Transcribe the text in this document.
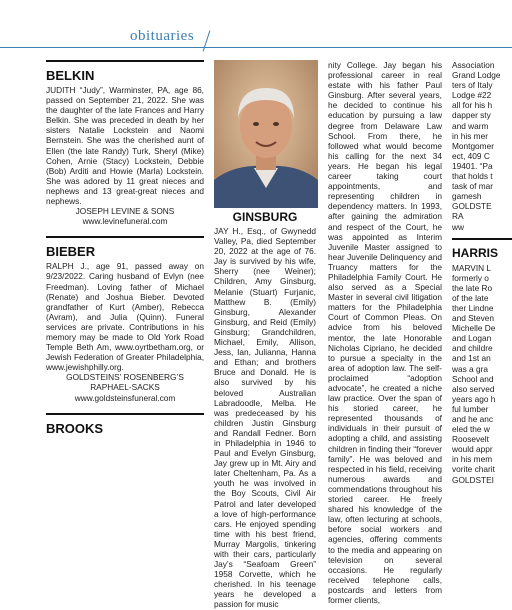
obituaries
BELKIN

JUDITH “Judy”, Warminster, PA, age 86, passed on September 21, 2022. She was the daughter of the late Frances and Harry Belkin. She was preceded in death by her sisters Natalie Lockstein and Naomi Bernstein. She was the cherished aunt of Ellen (the late Randy) Turk, Sheryl (Mike) Cohen, Arnie (Stacy) Lockstein, Debbie (Bob) Arditi and Howie (Marla) Lockstein. She was adored by 11 great nieces and nephews and 13 great-great nieces and nephews.

JOSEPH LEVINE & SONS

www.levinefuneral.com

BIEBER

RALPH J., age 91, passed away on 9/23/2022. Caring husband of Evlyn (nee Freedman). Loving father of Michael (Renate) and Joshua Bieber. Devoted grandfather of Kurt (Amber), Rebecca (Avram), and Julia (Quinn). Funeral services are private. Contributions in his memory may be made to Old York Road Temple Beth Am, www.oyrtbetham.org, or Jewish Federation of Greater Philadelphia, www.jewishphilly.org.

GOLDSTEINS’ ROSENBERG’S RAPHAEL-SACKS

www.goldsteinsfuneral.com

BROOKS
GINSBURG

JAY H., Esq., of Gwynedd Valley, Pa, died September 20, 2022 at the age of 76. Jay is survived by his wife, Sherry (nee Weiner); Children, Amy Ginsburg, Melanie (Stuart) Furjanic, Matthew B. (Emily) Ginsburg, Alexander Ginsburg, and Reid (Emily) Ginsburg; Grandchildren, Michael, Emily, Allison, Jess, Ian, Julianna, Hanna and Ethan; and brothers Bruce and Donald. He is also survived by his beloved Australian Labradoodle, Melba. He was predeceased by his children Justin Ginsburg and Randall Fedner. Born in Philadelphia in 1946 to Paul and Evelyn Ginsburg, Jay grew up in Mt. Airy and later Cheltenham, Pa. As a youth he was involved in the Boy Scouts, Civil Air Patrol and later developed a love of high-performance cars. He enjoyed spending time with his best friend, Murray Margolis, tinkering with their cars, particularly Jay’s “Seafoam Green” 1958 Corvette, which he cherished. In his teenage years he developed a passion for music

nity College. Jay began his professional career in real estate with his father Paul Ginsburg. After several years, he decided to continue his education by pursuing a law degree from Delaware Law School. From there, he followed what would become his calling for the next 34 years. He began his legal career taking court appointments, and representing children in dependency matters. In 1993, after gaining the admiration and respect of the Court, he was appointed as Interim Juvenile Master assigned to hear Juvenile Delinquency and Truancy matters for the Philadelphia Family Court. He also served as a Special Master in several civil litigation matters for the Philadelphia Court of Common Pleas. On advice from his beloved mentor, the late Honorable Nicholas Cipriano, he decided to pursue a specialty in the area of adoption law. The self-proclaimed “adoption advocate”, he created a niche law practice. Over the span of his storied career, he represented thousands of individuals in their pursuit of adopting a child, and assisting children in finding their “forever family”. He was beloved and respected in his field, receiving numerous awards and commendations throughout his storied career. He freely shared his knowledge of the law, often lecturing at schools, before social workers and agencies, offering comments to the media and appearing on television on several occasions. He regularly received telephone calls, postcards and letters from former clients,

Association
Grand Lodge
ters of Italy
Lodge #22
all for his h
dapper sty
and warm
in his mer
Montgomer
ect, 409 C
19401. “Pa
that holds t
task of mar
gamesh
GOLDSTE
RA
ww
HARRIS
MARVIN L
formerly o
the late Ro
of the late
ther Lindne
and Steven
Michelle De
and Logan
and childre
and 1st an
was a gra
School and
also served
years ago h
ful lumber
and he anc
eled the w
Roosevelt
would appr
in his mem
vorite charit
GOLDSTEI
